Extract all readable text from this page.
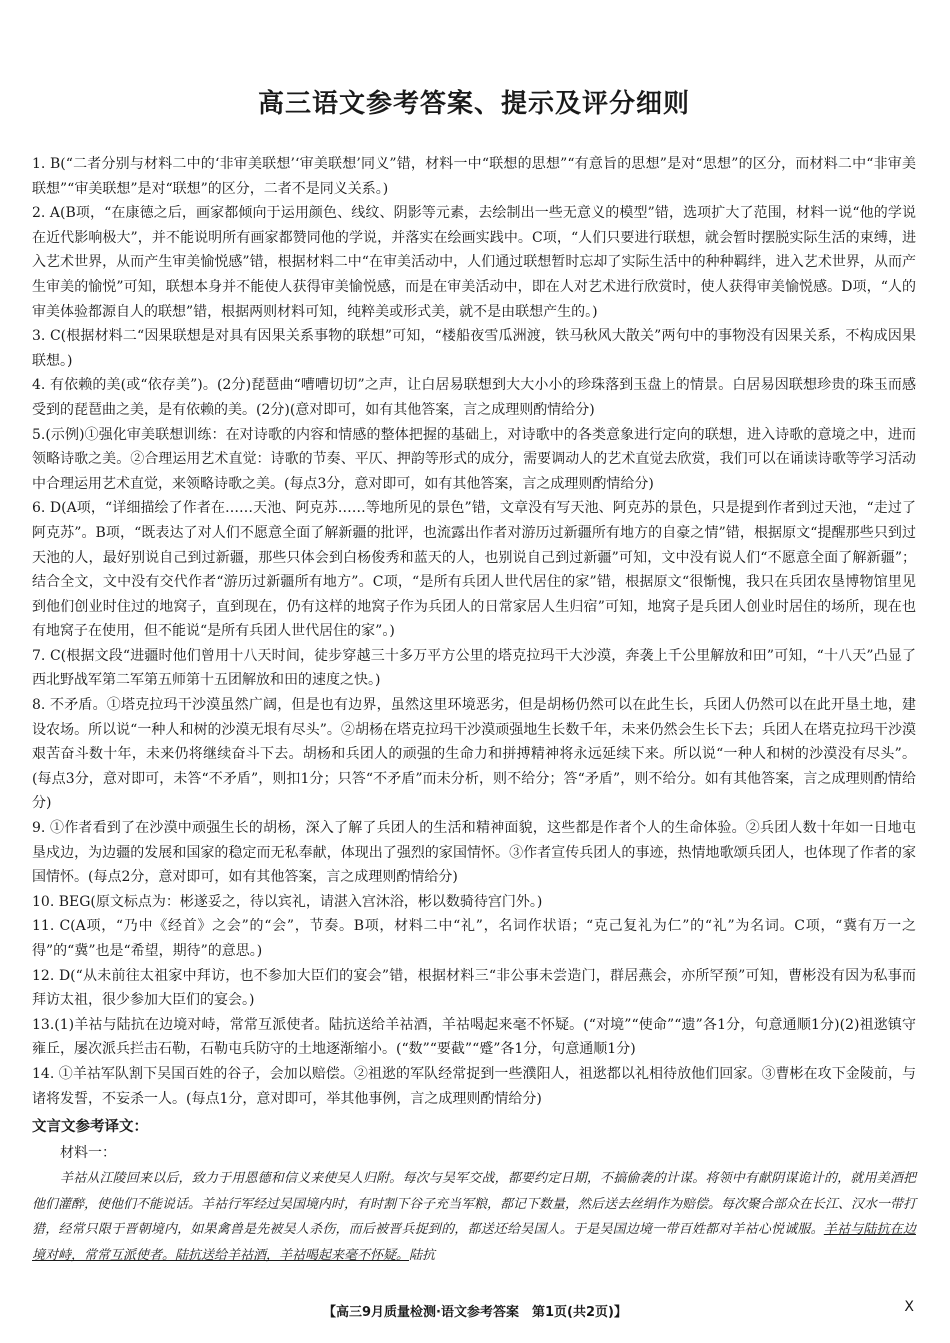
高三语文参考答案、提示及评分细则

1. B(“二者分别与材料二中的‘非审美联想’‘审美联想’同义”错，材料一中“联想的思想”“有意旨的思想”是对“思想”的区分，而材料二中“非审美联想”“审美联想”是对“联想”的区分，二者不是同义关系。)

2. A(B项，“在康德之后，画家都倾向于运用颜色、线纹、阴影等元素，去绘制出一些无意义的模型”错，选项扩大了范围，材料一说“他的学说在近代影响极大”，并不能说明所有画家都赞同他的学说，并落实在绘画实践中。C项，“人们只要进行联想，就会暂时摆脱实际生活的束缚，进入艺术世界，从而产生审美愉悦感”错，根据材料二中“在审美活动中，人们通过联想暂时忘却了实际生活中的种种羁绊，进入艺术世界，从而产生审美的愉悦”可知，联想本身并不能使人获得审美愉悦感，而是在审美活动中，即在人对艺术进行欣赏时，使人获得审美愉悦感。D项，“人的审美体验都源自人的联想”错，根据两则材料可知，纯粹美或形式美，就不是由联想产生的。)

3. C(根据材料二“因果联想是对具有因果关系事物的联想”可知，“楼船夜雪瓜洲渡，铁马秋风大散关”两句中的事物没有因果关系，不构成因果联想。)

4. 有依赖的美(或“依存美”)。(2分)琵琶曲“嘈嘈切切”之声，让白居易联想到大大小小的珍珠落到玉盘上的情景。白居易因联想珍贵的珠玉而感受到的琵琶曲之美，是有依赖的美。(2分)(意对即可，如有其他答案，言之成理则酌情给分)

5.(示例)①强化审美联想训练：在对诗歌的内容和情感的整体把握的基础上，对诗歌中的各类意象进行定向的联想，进入诗歌的意境之中，进而领略诗歌之美。②合理运用艺术直觉：诗歌的节奏、平仄、押韵等形式的成分，需要调动人的艺术直觉去欣赏，我们可以在诵读诗歌等学习活动中合理运用艺术直觉，来领略诗歌之美。(每点3分，意对即可，如有其他答案，言之成理则酌情给分)

6. D(A项，“详细描绘了作者在……天池、阿克苏……等地所见的景色”错，文章没有写天池、阿克苏的景色，只是提到作者到过天池，“走过了阿克苏”。B项，“既表达了对人们不愿意全面了解新疆的批评，也流露出作者对游历过新疆所有地方的自豪之情”错，根据原文“提醒那些只到过天池的人，最好别说自己到过新疆，那些只体会到白杨俊秀和蓝天的人，也别说自己到过新疆”可知，文中没有说人们“不愿意全面了解新疆”；结合全文，文中没有交代作者“游历过新疆所有地方”。C项，“是所有兵团人世代居住的家”错，根据原文“很惭愧，我只在兵团农垦博物馆里见到他们创业时住过的地窝子，直到现在，仍有这样的地窝子作为兵团人的日常家居人生归宿”可知，地窝子是兵团人创业时居住的场所，现在也有地窝子在使用，但不能说“是所有兵团人世代居住的家”。)

7. C(根据文段“进疆时他们曾用十八天时间，徒步穿越三十多万平方公里的塔克拉玛干大沙漠，奔袭上千公里解放和田”可知，“十八天”凸显了西北野战军第二军第五师第十五团解放和田的速度之快。)

8. 不矛盾。①塔克拉玛干沙漠虽然广阔，但是也有边界，虽然这里环境恶劣，但是胡杨仍然可以在此生长，兵团人仍然可以在此开垦土地，建设农场。所以说“一种人和树的沙漠无垠有尽头”。②胡杨在塔克拉玛干沙漠顽强地生长数千年，未来仍然会生长下去；兵团人在塔克拉玛干沙漠艰苦奋斗数十年，未来仍将继续奋斗下去。胡杨和兵团人的顽强的生命力和拼搏精神将永远延续下来。所以说“一种人和树的沙漠没有尽头”。(每点3分，意对即可，未答“不矛盾”，则扣1分；只答“不矛盾”而未分析，则不给分；答“矛盾”，则不给分。如有其他答案，言之成理则酌情给分)

9. ①作者看到了在沙漠中顽强生长的胡杨，深入了解了兵团人的生活和精神面貌，这些都是作者个人的生命体验。②兵团人数十年如一日地屯垦戍边，为边疆的发展和国家的稳定而无私奉献，体现出了强烈的家国情怀。③作者宣传兵团人的事迹，热情地歌颂兵团人，也体现了作者的家国情怀。(每点2分，意对即可，如有其他答案，言之成理则酌情给分)

10. BEG(原文标点为：彬遂妥之，待以宾礼，请湛入宫沐浴，彬以数骑待宫门外。)

11. C(A项，“乃中《经首》之会”的“会”，节奏。B项，材料二中“礼”，名词作状语；“克己复礼为仁”的“礼”为名词。C项，“冀有万一之得”的“冀”也是“希望，期待”的意思。)

12. D(“从未前往太祖家中拜访，也不参加大臣们的宴会”错，根据材料三“非公事未尝造门，群居燕会，亦所罕预”可知，曹彬没有因为私事而拜访太祖，很少参加大臣们的宴会。)

13.(1)羊祜与陆抗在边境对峙，常常互派使者。陆抗送给羊祜酒，羊祜喝起来毫不怀疑。(“对境”“使命”“遗”各1分，句意通顺1分)(2)祖逖镇守雍丘，屡次派兵拦击石勒，石勒屯兵防守的土地逐渐缩小。(“数”“要截”“蹙”各1分，句意通顺1分)

14. ①羊祜军队割下吴国百姓的谷子，会加以赔偿。②祖逖的军队经常捉到一些濮阳人，祖逖都以礼相待放他们回家。③曹彬在攻下金陵前，与诸将发誓，不妄杀一人。(每点1分，意对即可，举其他事例，言之成理则酌情给分)

文言文参考译文：

材料一：

羊祜从江陵回来以后，致力于用恩德和信义来使吴人归附。每次与吴军交战，都要约定日期，不搞偷袭的计谋。将领中有献阴谋诡计的，就用美酒把他们灌醉，使他们不能说话。羊祜行军经过吴国境内时，有时割下谷子充当军粮，都记下数量，然后送去丝绢作为赔偿。每次聚合部众在长江、汉水一带打猎，经常只限于晋朝境内，如果禽兽是先被吴人杀伤，而后被晋兵捉到的，都送还给吴国人。于是吴国边境一带百姓都对羊祜心悦诚服。羊祜与陆抗在边境对峙，常常互派使者。陆抗送给羊祜酒，羊祜喝起来毫不怀疑。陆抗

【高三9月质量检测·语文参考答案　第1页(共2页)】	X
